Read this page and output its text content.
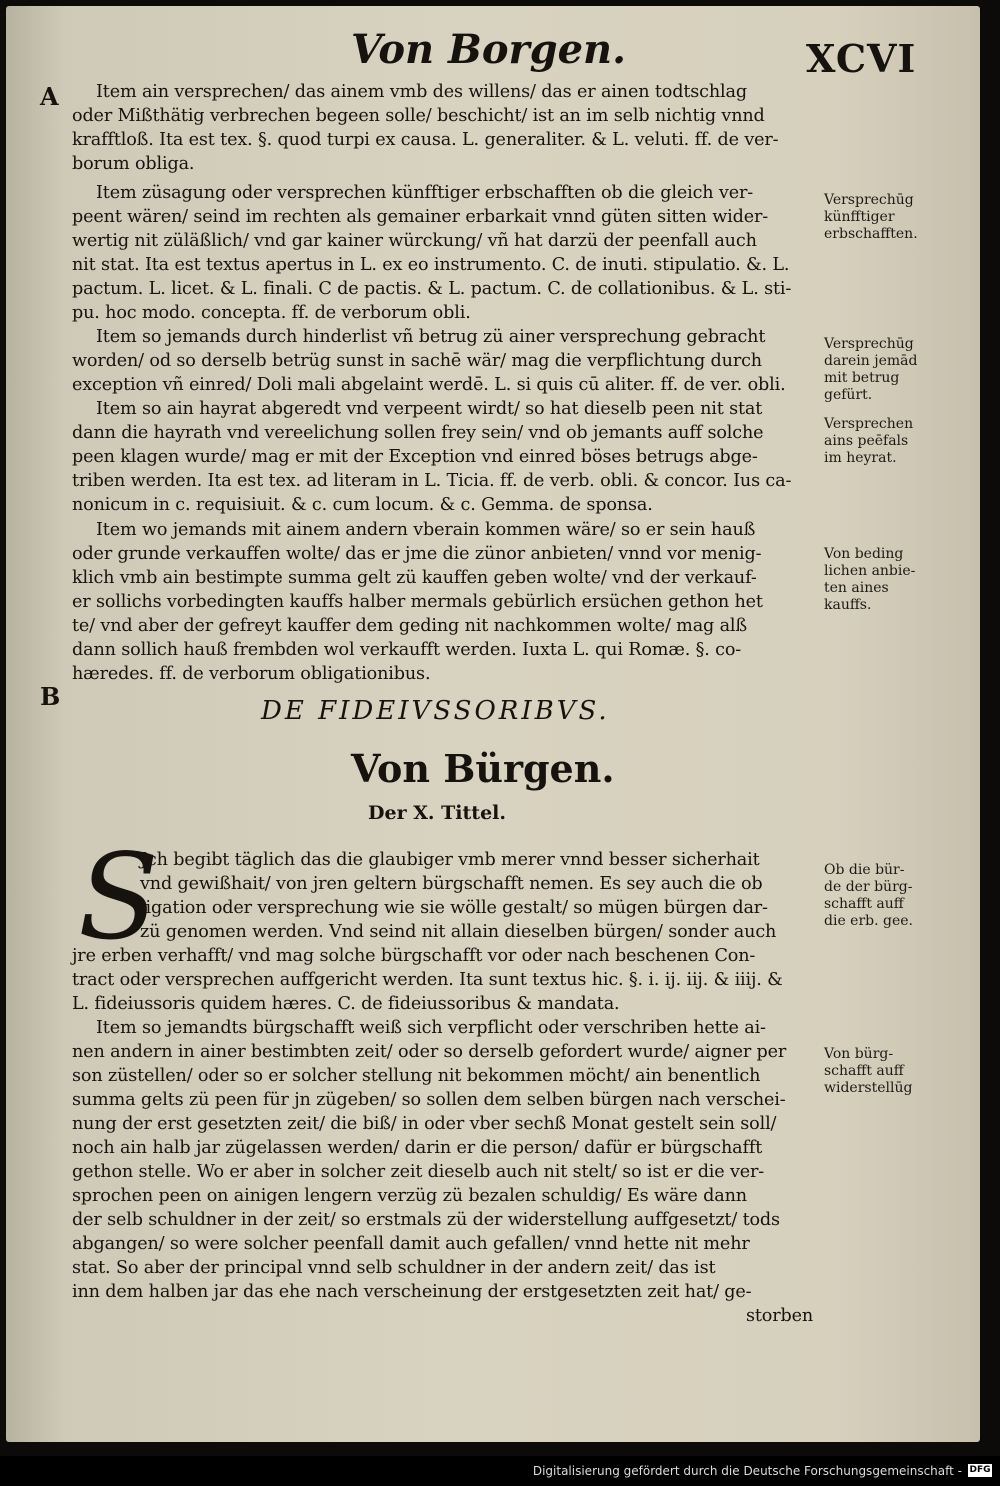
Von Borgen.	XCVI
A
B
Item ain versprechen/ das ainem vmb des willens/ das er ainen todtschlag
oder Mißthätig verbrechen begeen solle/ beschicht/ ist an im selb nichtig vnnd
krafftloß. Ita est tex. §. quod turpi ex causa. L. generaliter. & L. veluti. ff. de ver-
borum obliga.
Item züsagung oder versprechen künfftiger erbschafften ob die gleich ver-
peent wären/ seind im rechten als gemainer erbarkait vnnd güten sitten wider-
wertig nit züläßlich/ vnd gar kainer würckung/ vñ hat darzü der peenfall auch
nit stat. Ita est textus apertus in L. ex eo instrumento. C. de inuti. stipulatio. &. L.
pactum. L. licet. & L. finali. C de pactis. & L. pactum. C. de collationibus. & L. sti-
pu. hoc modo. concepta. ff. de verborum obli.
Item so jemands durch hinderlist vñ betrug zü ainer versprechung gebracht
worden/ od so derselb betrüg sunst in sachē wär/ mag die verpflichtung durch
exception vñ einred/ Doli mali abgelaint werdē. L. si quis cū aliter. ff. de ver. obli.
Item so ain hayrat abgeredt vnd verpeent wirdt/ so hat dieselb peen nit stat
dann die hayrath vnd vereelichung sollen frey sein/ vnd ob jemants auff solche
peen klagen wurde/ mag er mit der Exception vnd einred böses betrugs abge-
triben werden. Ita est tex. ad literam in L. Ticia. ff. de verb. obli. & concor. Ius ca-
nonicum in c. requisiuit. & c. cum locum. & c. Gemma. de sponsa.
Item wo jemands mit ainem andern vberain kommen wäre/ so er sein hauß
oder grunde verkauffen wolte/ das er jme die zünor anbieten/ vnnd vor menig-
klich vmb ain bestimpte summa gelt zü kauffen geben wolte/ vnd der verkauf-
er sollichs vorbedingten kauffs halber mermals gebürlich ersüchen gethon het
te/ vnd aber der gefreyt kauffer dem geding nit nachkommen wolte/ mag alß
dann sollich hauß frembden wol verkaufft werden. Iuxta L. qui Romæ. §. co-
hæredes. ff. de verborum obligationibus.
DE FIDEIVSSORIBVS.
Von Bürgen.
Der X. Tittel.
S
Jch begibt täglich das die glaubiger vmb merer vnnd besser sicherhait
vnd gewißhait/ von jren geltern bürgschafft nemen. Es sey auch die ob
ligation oder versprechung wie sie wölle gestalt/ so mügen bürgen dar-
zü genomen werden. Vnd seind nit allain dieselben bürgen/ sonder auch
jre erben verhafft/ vnd mag solche bürgschafft vor oder nach beschenen Con-
tract oder versprechen auffgericht werden. Ita sunt textus hic. §. i. ij. iij. & iiij. &
L. fideiussoris quidem hæres. C. de fideiussoribus & mandata.
Item so jemandts bürgschafft weiß sich verpflicht oder verschriben hette ai-
nen andern in ainer bestimbten zeit/ oder so derselb gefordert wurde/ aigner per
son züstellen/ oder so er solcher stellung nit bekommen möcht/ ain benentlich
summa gelts zü peen für jn zügeben/ so sollen dem selben bürgen nach verschei-
nung der erst gesetzten zeit/ die biß/ in oder vber sechß Monat gestelt sein soll/
noch ain halb jar zügelassen werden/ darin er die person/ dafür er bürgschafft
gethon stelle. Wo er aber in solcher zeit dieselb auch nit stelt/ so ist er die ver-
sprochen peen on ainigen lengern verzüg zü bezalen schuldig/ Es wäre dann
der selb schuldner in der zeit/ so erstmals zü der widerstellung auffgesetzt/ tods
abgangen/ so were solcher peenfall damit auch gefallen/ vnnd hette nit mehr
stat. So aber der principal vnnd selb schuldner in der andern zeit/ das ist
inn dem halben jar das ehe nach verscheinung der erstgesetzten zeit hat/ ge-
storben
Versprechūg
künfftiger
erbschafften.
Versprechūg
darein jemād
mit betrug
gefürt.
Versprechen
ains peēfals
im heyrat.
Von beding
lichen anbie-
ten aines
kauffs.
Ob die bür-
de der bürg-
schafft auff
die erb. gee.
Von bürg-
schafft auff
widerstellūg
Digitalisierung gefördert durch die Deutsche Forschungsgemeinschaft - DFG
